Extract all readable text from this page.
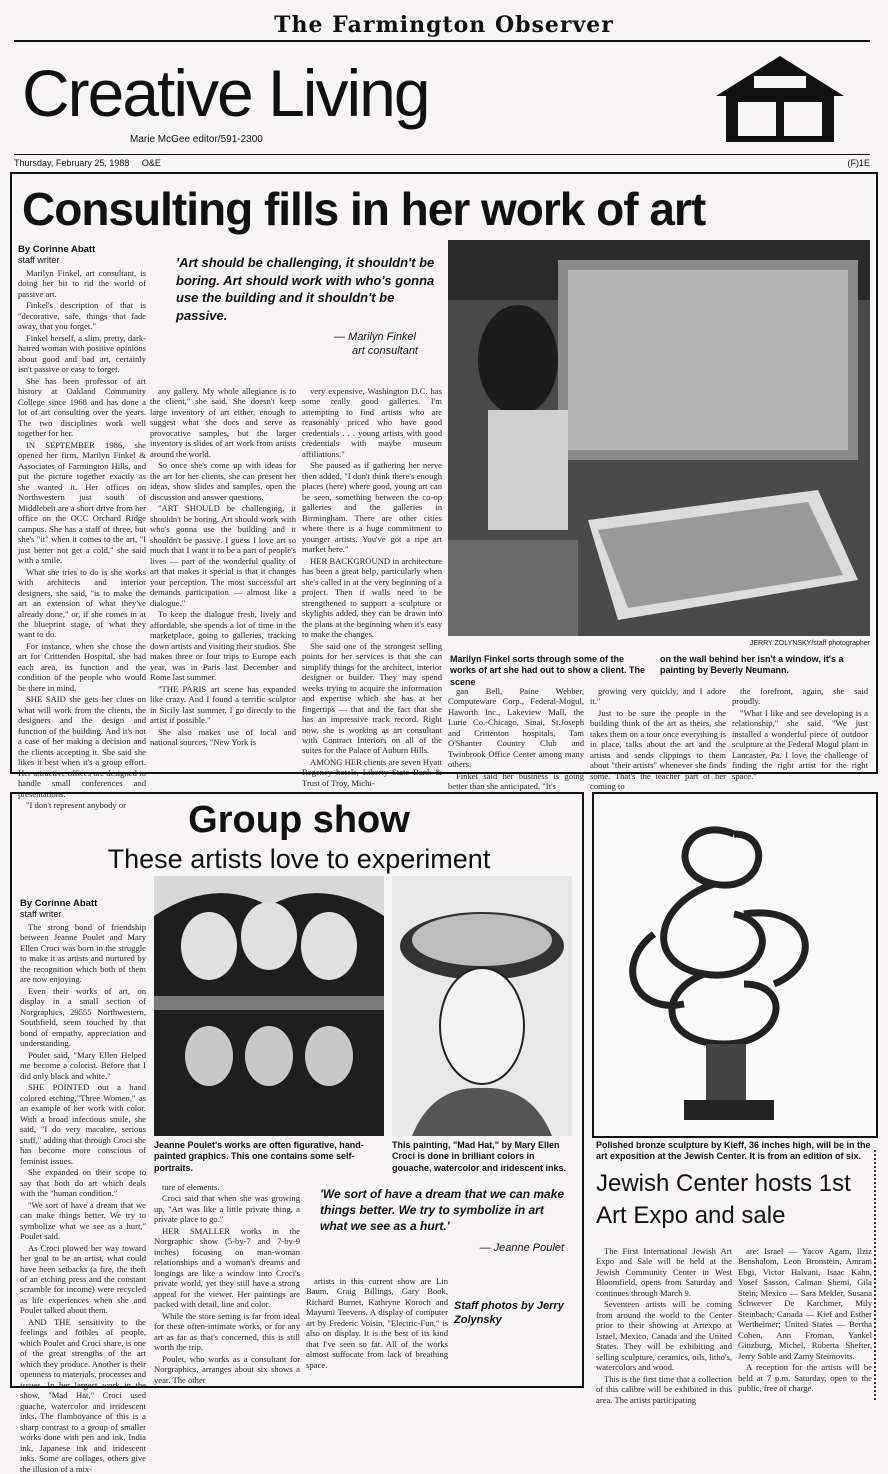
The Farmington Observer
Creative Living
Marie McGee editor/591-2300
Thursday, February 25, 1988 O&E	(F)1E
Consulting fills in her work of art
By Corinne Abatt
staff writer

Marilyn Finkel, art consultant, is doing her bit to rid the world of passive art.

Finkel's description of that is "decorative, safe, things that fade away, that you forget."

Finkel herself, a slim, pretty, dark-haired woman with positive opinions about good and bad art, certainly isn't passive or easy to forget.

She has been professor of art history at Oakland Community College since 1968 and has done a lot of art consulting over the years. The two disciplines work well together for her.

IN SEPTEMBER 1986, she opened her firm, Marilyn Finkel & Associates of Farmington Hills, and put the picture together exactly as she wanted it. Her offices on Northwestern just south of Middlebelt are a short drive from her office on the OCC Orchard Ridge campus. She has a staff of three, but she's "it" when it comes to the art, "I just better not get a cold," she said with a smile.

What she tries to do is she works with architects and interior designers, she said, "is to make the art an extension of what they've already done," or, if she comes in at the blueprint stage, of what they want to do.

For instance, when she chose the art for Crittenden Hospital, she had each area, its function and the condition of the people who would be there in mind.

SHE SAID she gets her clues on what will work from the clients, the designers and the design and function of the building. And it's not a case of her making a decision and the clients accepting it. She said she likes it best when it's a group effort. Her attractive offices are designed to handle small conferences and presentations.

"I don't represent anybody or

'Art should be challenging, it shouldn't be boring. Art should work with who's gonna use the building and it shouldn't be passive.
— Marilyn Finkel
art consultant

any gallery. My whole allegiance is to the client," she said. She doesn't keep large inventory of art either, enough to suggest what she does and serve as provocative samples, but the larger inventory is slides of art work from artists around the world.

So once she's come up with ideas for the art for her clients, she can present her ideas, show slides and samples, open the discussion and answer questions.

"ART SHOULD be challenging, it shouldn't be boring. Art should work with who's gonna use the building and it shouldn't be passive. I guess I love art so much that I want it to be a part of people's lives — part of the wonderful quality of art that makes it special is that it changes your perception. The most successful art demands participation — almost like a dialogue."

To keep the dialogue fresh, lively and affordable, she spends a lot of time in the marketplace, going to galleries, tracking down artists and visiting their studios. She makes three or four trips to Europe each year, was in Paris last December and Rome last summer.

"THE PARIS art scene has expanded like crazy. And I found a terrific sculptor in Sicily last summer. I go directly to the artist if possible."

She also makes use of local and national sources. "New York is

very expensive, Washington D.C. has some really good galleries. I'm attempting to find artists who are reasonably priced who have good credentials . . . young artists with good credentials with maybe museum affiliations."

She paused as if gathering her nerve then added, "I don't think there's enough places (here) where good, young art can be seen, something between the co-op galleries and the galleries in Birmingham. There are other cities where there is a huge commitment to younger artists. You've got a ripe art market here."

HER BACKGROUND in architecture has been a great help, particularly when she's called in at the very beginning of a project. Then if walls need to be strengthened to support a sculpture or skylights added, they can be drawn into the plans at the beginning when it's easy to make the changes.

She said one of the strongest selling points for her services is that she can simplify things for the architect, interior designer or builder. They may spend weeks trying to acquire the information and expertise which she has at her fingertips — that and the fact that she has an impressive track record. Right now, she is working as art consultant with Contract Interiors on all of the suites for the Palace of Auburn Hills.

AMONG HER clients are seven Hyatt Regency hotels, Liberty State Bank & Trust of Troy, Michi-

JERRY ZOLYNSKY/staff photographer
Marilyn Finkel sorts through some of the works of art she had out to show a client. The scene
on the wall behind her isn't a window, it's a painting by Beverly Neumann.

gan Bell, Paine Webber, Computeware Corp., Federal-Mogul, Haworth Inc., Lakeview Mall, the Lurie Co.-Chicago, Sinai, St.Joseph and Crittenton hospitals, Tam O'Shanter Country Club and Twinbrook Office Center among many others.

Finkel said her business is going better than she anticipated, "It's

growing very quickly, and I adore it."

Just to be sure the people in the building think of the art as theirs, she takes them on a tour once everything is in place, talks about the art and the artists and sends clippings to them about "their artists" whenever she finds some. That's the teacher part of her coming to

the forefront, again, she said proudly.

"What I like and see developing is a relationship," she said. "We just installed a wonderful piece of outdoor sculpture at the Federal Mogul plant in Lancaster, Pa. I love the challenge of finding the right artist for the right space."

Group show
These artists love to experiment
By Corinne Abatt
staff writer

The strong bond of friendship between Jeanne Poulet and Mary Ellen Croci was born in the struggle to make it as artists and nurtured by the recognition which both of them are now enjoying.

Even their works of art, on display in a small section of Norgraphics, 29555 Northwestern, Southfield, seem touched by that bond of empathy, appreciation and understanding.

Poulet said, "Mary Ellen Helped me become a colorist. Before that I did only black and white."

SHE POINTED out a hand colored etching,"Three Women," as an example of her work with color. With a broad infectious smile, she said, "I do very macabre, serious stuff," adding that through Croci she has become more conscious of feminist issues.

She expanded on their scope to say that both do art which deals with the "human condition."

"We sort of have a dream that we can make things better. We try to symbolize what we see as a hurt," Poulet said.

As Croci plowed her way toward her goal to be an artist, what could have been setbacks (a fire, the theft of an etching press and the constant scramble for income) were recycled as life experiences when she and Poulet talked about them.

AND THE sensitivity to the feelings and foibles of people, which Poulet and Croci share, is one of the great strengths of the art which they produce. Another is their openness to materials, processes and issues. In her largest work in the show, "Mad Hat," Croci used guache, watercolor and irridescent inks. The flamboyance of this is a sharp contrast to a group of smaller works done with pen and ink, India ink, Japanese ink and iridescent inks. Some are collages, others give the illusion of a mix-

Jeanne Poulet's works are often figurative, hand-painted graphics. This one contains some self-portraits.
This painting, "Mad Hat," by Mary Ellen Croci is done in brilliant colors in gouache, watercolor and iridescent inks.

ture of elements.

Croci said that when she was growing up, "Art was like a little private thing, a private place to go."

HER SMALLER works in the Norgraphic show (5-by-7 and 7-by-9 inches) focusing on man-woman relationships and a woman's dreams and longings are like a window into Croci's private world, yet they still have a strong appeal for the viewer. Her paintings are packed with detail, line and color.

While the store setting is far from ideal for these often-intimate works, or for any art as far as that's concerned, this is still worth the trip.

Poulet, who works as a consultant for Norgraphics, arranges about six shows a year. The other

'We sort of have a dream that we can make things better. We try to symbolize in art what we see as a hurt.'
— Jeanne Poulet

artists in this current show are Lin Baum, Craig Billings, Gary Book, Richard Burnet, Kathryne Koroch and Mayumi Teevens. A display of computer art by Frederic Voisin, "Electric-Fun," is also on display. It is the best of its kind that I've seen so far. All of the works almost suffocate from lack of breathing space.

Staff photos by Jerry Zolynsky
Polished bronze sculpture by Kieff, 36 inches high, will be in the art exposition at the Jewish Center. It is from an edition of six.
Jewish Center hosts 1st Art Expo and sale

The First International Jewish Art Expo and Sale will be held at the Jewish Community Center in West Bloomfield, opens from Saturday and continues through March 9.

Seventeen artists will be coming from around the world to the Center prior to their showing at Artexpo at Israel, Mexico, Canada and the United States. They will be exhibiting and selling sculpture, ceramics, oils, litho's, watercolors and wood.

This is the first time that a collection of this calibre will be exhibited in this area. The artists participating

are: Israel — Yacov Agam, Ilziz Benshalom, Leon Bronstein, Amram Ebgi, Victor Halvani, Isaac Kahn, Yosef Sasson, Calman Shemi, Gila Stein; Mexico — Sara Mekler, Susana Schwever De Karchmer, Mily Steinbach; Canada — Kief and Esther Wertheimer; United States — Bertha Cohen, Ann Froman, Yankel Ginzburg, Michel, Roberta Shefter, Jerry Soble and Zamy Steimovits.

A reception for the artists will be held at 7 p.m. Saturday, open to the public, free of charge.
